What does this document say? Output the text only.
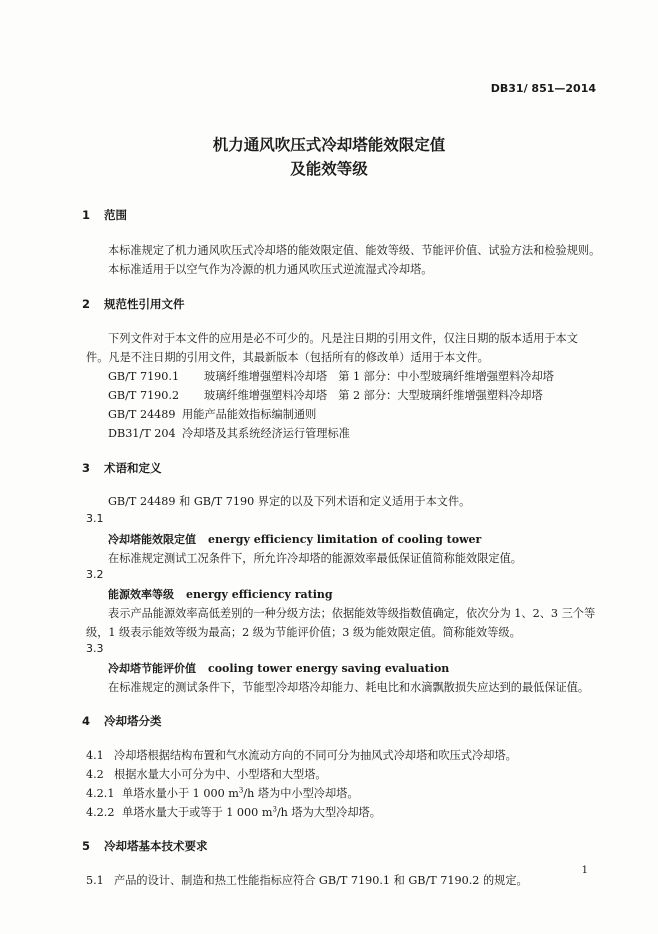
DB31/ 851—2014
机力通风吹压式冷却塔能效限定值
及能效等级
1 范围
本标准规定了机力通风吹压式冷却塔的能效限定值、能效等级、节能评价值、试验方法和检验规则。
本标准适用于以空气作为冷源的机力通风吹压式逆流湿式冷却塔。
2 规范性引用文件
下列文件对于本文件的应用是必不可少的。凡是注日期的引用文件，仅注日期的版本适用于本文
件。凡是不注日期的引用文件，其最新版本（包括所有的修改单）适用于本文件。
GB/T 7190.1 玻璃纤维增强塑料冷却塔　第 1 部分：中小型玻璃纤维增强塑料冷却塔
GB/T 7190.2 玻璃纤维增强塑料冷却塔　第 2 部分：大型玻璃纤维增强塑料冷却塔
GB/T 24489 用能产品能效指标编制通则
DB31/T 204 冷却塔及其系统经济运行管理标准
3 术语和定义
GB/T 24489 和 GB/T 7190 界定的以及下列术语和定义适用于本文件。
3.1
冷却塔能效限定值 energy efficiency limitation of cooling tower
在标准规定测试工况条件下，所允许冷却塔的能源效率最低保证值简称能效限定值。
3.2
能源效率等级 energy efficiency rating
表示产品能源效率高低差别的一种分级方法；依据能效等级指数值确定，依次分为 1、2、3 三个等
级，1 级表示能效等级为最高；2 级为节能评价值；3 级为能效限定值。简称能效等级。
3.3
冷却塔节能评价值 cooling tower energy saving evaluation
在标准规定的测试条件下，节能型冷却塔冷却能力、耗电比和水滴飘散损失应达到的最低保证值。
4 冷却塔分类
4.1 冷却塔根据结构布置和气水流动方向的不同可分为抽风式冷却塔和吹压式冷却塔。
4.2 根据水量大小可分为中、小型塔和大型塔。
4.2.1 单塔水量小于 1 000 $m^3/h$ 塔为中小型冷却塔。
4.2.2 单塔水量大于或等于 1 000 $m^3/h$ 塔为大型冷却塔。
5 冷却塔基本技术要求
5.1 产品的设计、制造和热工性能指标应符合 GB/T 7190.1 和 GB/T 7190.2 的规定。
1
